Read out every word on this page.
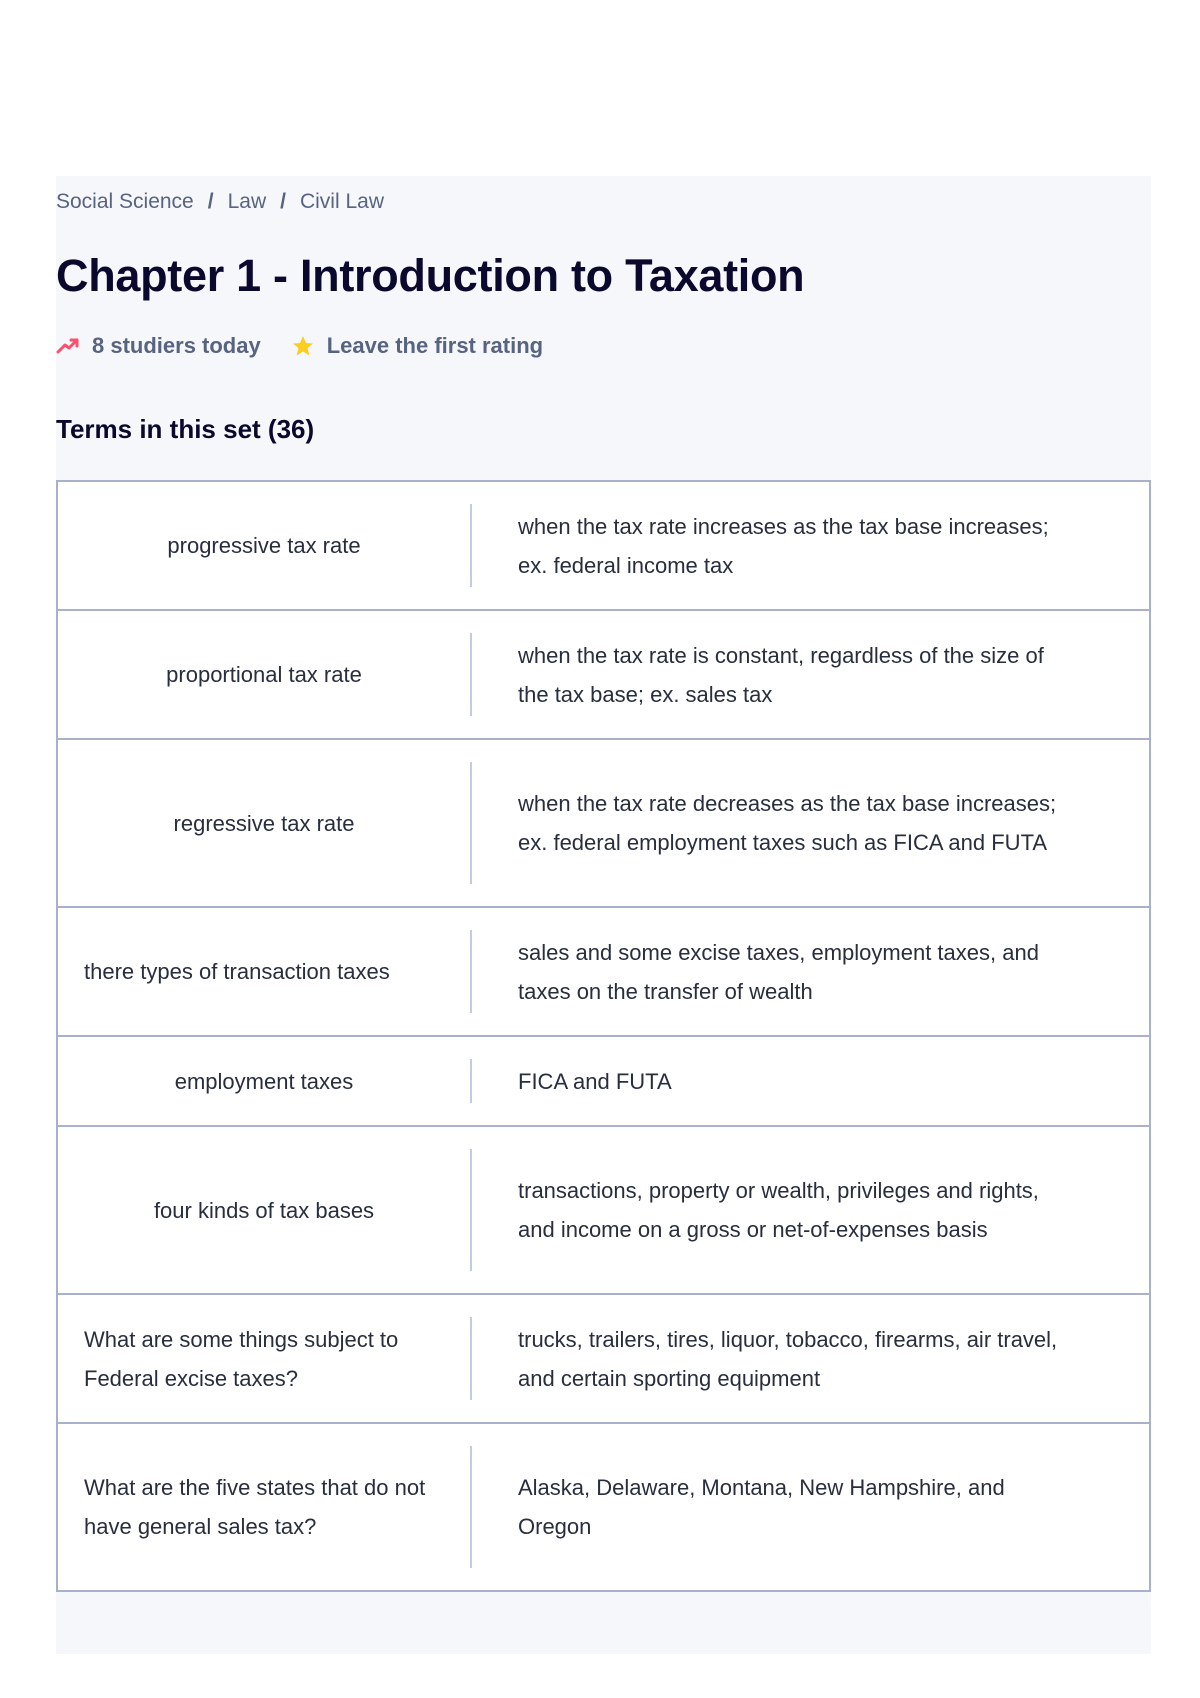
Social Science / Law / Civil Law
Chapter 1 - Introduction to Taxation
8 studiers today	Leave the first rating
Terms in this set (36)
progressive tax rate
when the tax rate increases as the tax base increases; ex. federal income tax
proportional tax rate
when the tax rate is constant, regardless of the size of the tax base; ex. sales tax
regressive tax rate
when the tax rate decreases as the tax base increases; ex. federal employment taxes such as FICA and FUTA
there types of transaction taxes
sales and some excise taxes, employment taxes, and taxes on the transfer of wealth
employment taxes	FICA and FUTA
four kinds of tax bases
transactions, property or wealth, privileges and rights, and income on a gross or net-of-expenses basis
What are some things subject to Federal excise taxes?
trucks, trailers, tires, liquor, tobacco, firearms, air travel, and certain sporting equipment
What are the five states that do not have general sales tax?
Alaska, Delaware, Montana, New Hampshire, and Oregon
